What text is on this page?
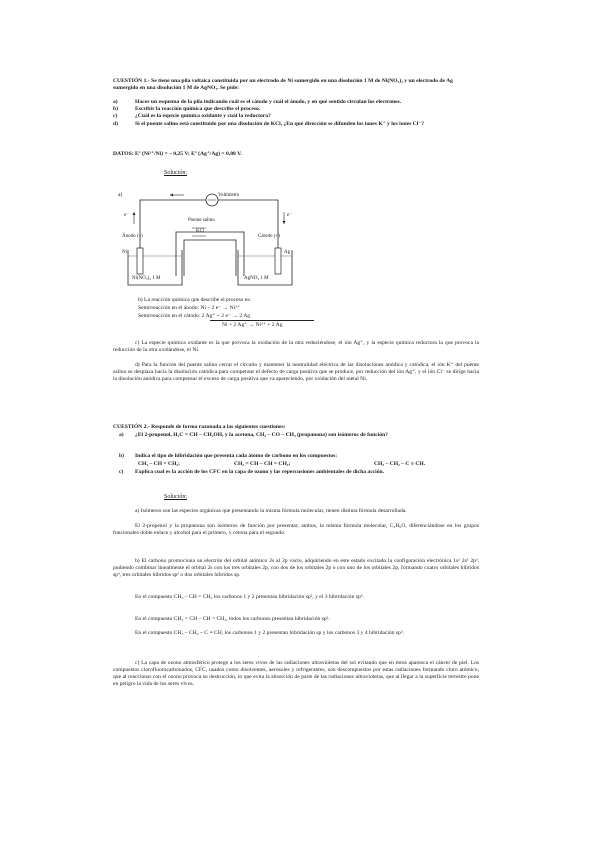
CUESTIÓN 1.- Se tiene una pila voltaica constituida por un electrodo de Ni sumergido en una disolución 1 M de Ni(NO₃)₂ y un electrodo de Ag sumergido en una disolución 1 M de AgNO₃. Se pide:
a)	Hacer un esquema de la pila indicando cuál es el cátodo y cuál el ánodo, y en qué sentido circulan los electrones.
b)	Escribir la reacción química que describe el proceso.
c)	¿Cuál es la especie química oxidante y cuál la reductora?
d)	Si el puente salino está constituido por una disolución de KCl, ¿En qué dirección se difunden los iones K⁺ y los iones Cl⁻?
DATOS: Eº (Ni²⁺/Ni) = – 0,25 V; Eº (Ag⁺/Ag) = 0,80 V.
Solución:
a)	Voltímetro
e⁻	e⁻
Puente salino
KCl
Ánodo (–)	Cátodo (+)
Ni	Ag
Ni(NO₃)₂ 1 M	AgNO₃ 1 M
b) La reacción química que describe el proceso es:
Semirreacción en el ánodo: Ni – 2 e⁻ → Ni²⁺
Semirreacción en el cátodo: 2 Ag⁺ + 2 e⁻ → 2 Ag
Ni + 2 Ag⁺ → Ni²⁺ + 2 Ag
c) La especie química oxidante es la que provoca la oxidación de la otra reduciéndose, el ión Ag⁺, y la especie química reductora la que provoca la reducción de la otra oxidándose, el Ni.
d) Para la función del puente salino cerrar el circuito y mantener la neutralidad eléctrica de las disoluciones anódica y catódica, el ión K⁺ del puente salino se desplaza hacia la disolución catódica para compensar el defecto de carga positiva que se produce, por reducción del ión Ag⁺, y el ión Cl⁻ se dirige hacia la disolución anódica para compensar el exceso de carga positiva que va apareciendo, por oxidación del metal Ni.
CUESTIÓN 2.- Responde de forma razonada a las siguientes cuestiones:
a) ¿El 2-propenol, H₂C = CH – CH₂OH, y la acetona, CH₃ – CO – CH₃ (propanona) son isómeros de función?
b) Indica el tipo de hibridación que presenta cada átomo de carbono en los compuestos:
CH₃ – CH = CH₂;	CH₂ = CH – CH = CH₂;	CH₃ – CH₂ – C ≡ CH.
c) Explica cual es la acción de los CFC en la capa de ozono y las repercusiones ambientales de dicha acción.
Solución:
a) Isómeros son las especies orgánicas que presentando la misma fórmula molecular, tienen distinta fórmula desarrollada.
El 2-propenol y la propanona son isómeros de función por presentar, ambos, la misma fórmula molecular, C₃H₆O, diferenciándose en los grupos funcionales doble enlace y alcohol para el primero, y cetona para el segundo.
b) El carbono promociona un electrón del orbital atómico 2s al 2p vacío, adquiriendo en este estado excitado la configuración electrónica 1s² 2s¹ 2p³, pudiendo combinar linealmente el orbital 2s con los tres orbitales 2p, con dos de los orbitales 2p o con uno de los orbitales 2p, formando cuatro orbitales híbridos sp³, tres orbitales híbridos sp² o dos orbitales híbridos sp.
En el compuesto CH₃ – CH = CH₂ los carbonos 1 y 2 presentan hibridación sp², y el 3 hibridación sp³.
En el compuesto CH₂ = CH – CH = CH₂, todos los carbonos presentan hibridación sp².
En el compuesto CH₃ – CH₂ – C ≡ CH, los carbonos 1 y 2 presentan hibridación sp y los carbonos 3 y 4 hibridación sp³.
c) La capa de ozono atmosférico protege a los seres vivos de las radiaciones ultravioletas del sol evitando que en éstos aparezca el cáncer de piel. Los compuestos clorofluorocarbonados, CFC, usados como disolventes, aerosoles y refrigerantes, son descompuestos por estas radiaciones formando cloro atómico, que al reaccionar con el ozono provoca su destrucción, lo que evita la absorción de parte de las radiaciones ultravioletas, que al llegar a la superficie terrestre pone en peligro la vida de los seres vivos.
